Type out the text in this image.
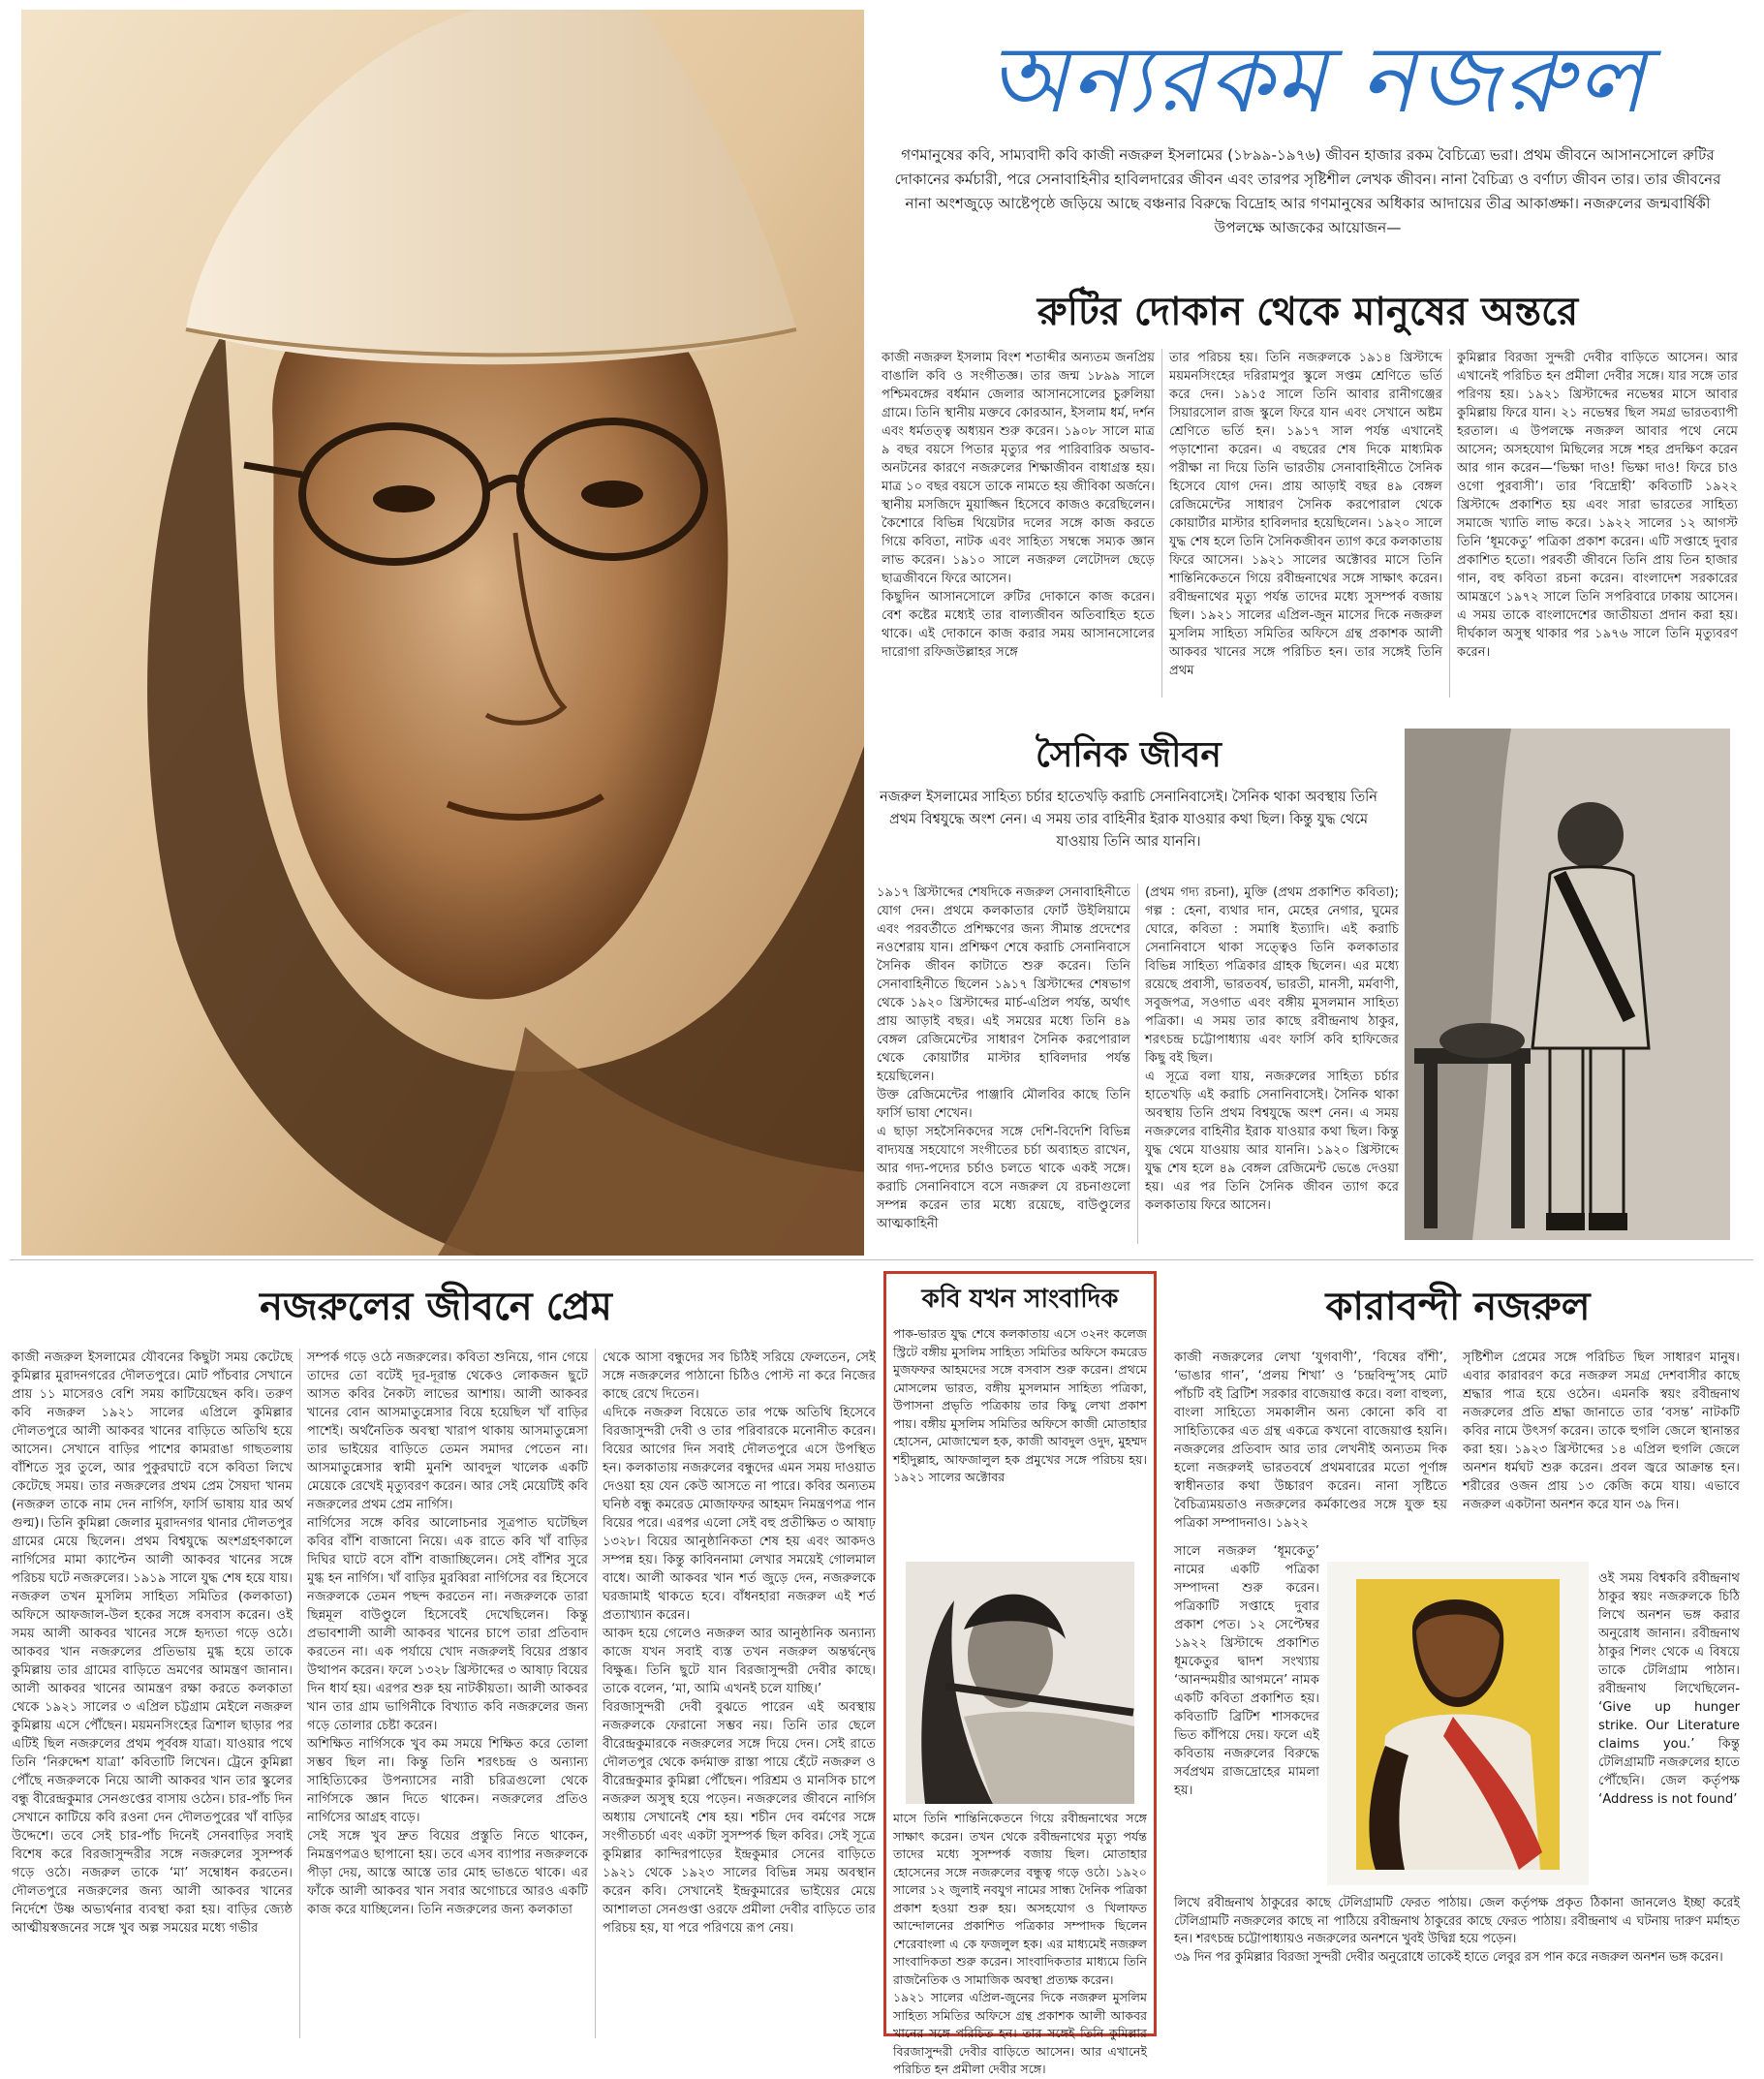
অন্যরকম নজরুল
গণমানুষের কবি, সাম্যবাদী কবি কাজী নজরুল ইসলামের (১৮৯৯-১৯৭৬) জীবন হাজার রকম বৈচিত্র্যে ভরা। প্রথম জীবনে আসানসোলে রুটির দোকানের কর্মচারী, পরে সেনাবাহিনীর হাবিলদারের জীবন এবং তারপর সৃষ্টিশীল লেখক জীবন। নানা বৈচিত্র্য ও বর্ণাঢ্য জীবন তার। তার জীবনের নানা অংশজুড়ে আষ্টেপৃষ্ঠে জড়িয়ে আছে বঞ্চনার বিরুদ্ধে বিদ্রোহ আর গণমানুষের অধিকার আদায়ের তীব্র আকাঙ্ক্ষা। নজরুলের জন্মবার্ষিকী উপলক্ষে আজকের আয়োজন—
রুটির দোকান থেকে মানুষের অন্তরে
কাজী নজরুল ইসলাম বিংশ শতাব্দীর অন্যতম জনপ্রিয় বাঙালি কবি ও সংগীতজ্ঞ। তার জন্ম ১৮৯৯ সালে পশ্চিমবঙ্গের বর্ধমান জেলার আসানসোলের চুরুলিয়া গ্রামে। তিনি স্থানীয় মক্তবে কোরআন, ইসলাম ধর্ম, দর্শন এবং ধর্মতত্ত্ব অধ্যয়ন শুরু করেন। ১৯০৮ সালে মাত্র ৯ বছর বয়সে পিতার মৃত্যুর পর পারিবারিক অভাব-অনটনের কারণে নজরুলের শিক্ষাজীবন বাধাগ্রস্ত হয়। মাত্র ১০ বছর বয়সে তাকে নামতে হয় জীবিকা অর্জনে। স্থানীয় মসজিদে মুয়াজ্জিন হিসেবে কাজও করেছিলেন। কৈশোরে বিভিন্ন থিয়েটার দলের সঙ্গে কাজ করতে গিয়ে কবিতা, নাটক এবং সাহিত্য সম্বন্ধে সম্যক জ্ঞান লাভ করেন। ১৯১০ সালে নজরুল লেটোদল ছেড়ে ছাত্রজীবনে ফিরে আসেন।
কিছুদিন আসানসোলে রুটির দোকানে কাজ করেন। বেশ কষ্টের মধ্যেই তার বাল্যজীবন অতিবাহিত হতে থাকে। এই দোকানে কাজ করার সময় আসানসোলের দারোগা রফিজউল্লাহর সঙ্গে
তার পরিচয় হয়। তিনি নজরুলকে ১৯১৪ খ্রিস্টাব্দে ময়মনসিংহের দরিরামপুর স্কুলে সপ্তম শ্রেণিতে ভর্তি করে দেন। ১৯১৫ সালে তিনি আবার রানীগঞ্জের সিয়ারসোল রাজ স্কুলে ফিরে যান এবং সেখানে অষ্টম শ্রেণিতে ভর্তি হন। ১৯১৭ সাল পর্যন্ত এখানেই পড়াশোনা করেন। এ বছরের শেষ দিকে মাধ্যমিক পরীক্ষা না দিয়ে তিনি ভারতীয় সেনাবাহিনীতে সৈনিক হিসেবে যোগ দেন। প্রায় আড়াই বছর ৪৯ বেঙ্গল রেজিমেন্টের সাধারণ সৈনিক করপোরাল থেকে কোয়ার্টার মাস্টার হাবিলদার হয়েছিলেন। ১৯২০ সালে যুদ্ধ শেষ হলে তিনি সৈনিকজীবন ত্যাগ করে কলকাতায় ফিরে আসেন। ১৯২১ সালের অক্টোবর মাসে তিনি শান্তিনিকেতনে গিয়ে রবীন্দ্রনাথের সঙ্গে সাক্ষাৎ করেন। রবীন্দ্রনাথের মৃত্যু পর্যন্ত তাদের মধ্যে সুসম্পর্ক বজায় ছিল। ১৯২১ সালের এপ্রিল-জুন মাসের দিকে নজরুল মুসলিম সাহিত্য সমিতির অফিসে গ্রন্থ প্রকাশক আলী আকবর খানের সঙ্গে পরিচিত হন। তার সঙ্গেই তিনি প্রথম
কুমিল্লার বিরজা সুন্দরী দেবীর বাড়িতে আসেন। আর এখানেই পরিচিত হন প্রমীলা দেবীর সঙ্গে। যার সঙ্গে তার পরিণয় হয়। ১৯২১ খ্রিস্টাব্দের নভেম্বর মাসে আবার কুমিল্লায় ফিরে যান। ২১ নভেম্বর ছিল সমগ্র ভারতব্যাপী হরতাল। এ উপলক্ষে নজরুল আবার পথে নেমে আসেন; অসহযোগ মিছিলের সঙ্গে শহর প্রদক্ষিণ করেন আর গান করেন—‘ভিক্ষা দাও! ভিক্ষা দাও! ফিরে চাও ওগো পুরবাসী’। তার ‘বিদ্রোহী’ কবিতাটি ১৯২২ খ্রিস্টাব্দে প্রকাশিত হয় এবং সারা ভারতের সাহিত্য সমাজে খ্যাতি লাভ করে। ১৯২২ সালের ১২ আগস্ট তিনি ‘ধূমকেতু’ পত্রিকা প্রকাশ করেন। এটি সপ্তাহে দুবার প্রকাশিত হতো। পরবর্তী জীবনে তিনি প্রায় তিন হাজার গান, বহু কবিতা রচনা করেন। বাংলাদেশ সরকারের আমন্ত্রণে ১৯৭২ সালে তিনি সপরিবারে ঢাকায় আসেন। এ সময় তাকে বাংলাদেশের জাতীয়তা প্রদান করা হয়। দীর্ঘকাল অসুস্থ থাকার পর ১৯৭৬ সালে তিনি মৃত্যুবরণ করেন।
সৈনিক জীবন
নজরুল ইসলামের সাহিত্য চর্চার হাতেখড়ি করাচি সেনানিবাসেই। সৈনিক থাকা অবস্থায় তিনি প্রথম বিশ্বযুদ্ধে অংশ নেন। এ সময় তার বাহিনীর ইরাক যাওয়ার কথা ছিল। কিন্তু যুদ্ধ থেমে যাওয়ায় তিনি আর যাননি।
১৯১৭ খ্রিস্টাব্দের শেষদিকে নজরুল সেনাবাহিনীতে যোগ দেন। প্রথমে কলকাতার ফোর্ট উইলিয়ামে এবং পরবর্তীতে প্রশিক্ষণের জন্য সীমান্ত প্রদেশের নওশেরায় যান। প্রশিক্ষণ শেষে করাচি সেনানিবাসে সৈনিক জীবন কাটাতে শুরু করেন। তিনি সেনাবাহিনীতে ছিলেন ১৯১৭ খ্রিস্টাব্দের শেষভাগ থেকে ১৯২০ খ্রিস্টাব্দের মার্চ-এপ্রিল পর্যন্ত, অর্থাৎ প্রায় আড়াই বছর। এই সময়ের মধ্যে তিনি ৪৯ বেঙ্গল রেজিমেন্টের সাধারণ সৈনিক করপোরাল থেকে কোয়ার্টার মাস্টার হাবিলদার পর্যন্ত হয়েছিলেন।
উক্ত রেজিমেন্টের পাঞ্জাবি মৌলবির কাছে তিনি ফার্সি ভাষা শেখেন।
এ ছাড়া সহসৈনিকদের সঙ্গে দেশি-বিদেশি বিভিন্ন বাদ্যযন্ত্র সহযোগে সংগীতের চর্চা অব্যাহত রাখেন, আর গদ্য-পদ্যের চর্চাও চলতে থাকে একই সঙ্গে। করাচি সেনানিবাসে বসে নজরুল যে রচনাগুলো সম্পন্ন করেন তার মধ্যে রয়েছে, বাউণ্ডুলের আত্মকাহিনী
(প্রথম গদ্য রচনা), মুক্তি (প্রথম প্রকাশিত কবিতা); গল্প : হেনা, ব্যথার দান, মেহের নেগার, ঘুমের ঘোরে, কবিতা : সমাধি ইত্যাদি। এই করাচি সেনানিবাসে থাকা সত্ত্বেও তিনি কলকাতার বিভিন্ন সাহিত্য পত্রিকার গ্রাহক ছিলেন। এর মধ্যে রয়েছে প্রবাসী, ভারতবর্ষ, ভারতী, মানসী, মর্মবাণী, সবুজপত্র, সওগাত এবং বঙ্গীয় মুসলমান সাহিত্য পত্রিকা। এ সময় তার কাছে রবীন্দ্রনাথ ঠাকুর, শরৎচন্দ্র চট্টোপাধ্যায় এবং ফার্সি কবি হাফিজের কিছু বই ছিল।
এ সূত্রে বলা যায়, নজরুলের সাহিত্য চর্চার হাতেখড়ি এই করাচি সেনানিবাসেই। সৈনিক থাকা অবস্থায় তিনি প্রথম বিশ্বযুদ্ধে অংশ নেন। এ সময় নজরুলের বাহিনীর ইরাক যাওয়ার কথা ছিল। কিন্তু যুদ্ধ থেমে যাওয়ায় আর যাননি। ১৯২০ খ্রিস্টাব্দে যুদ্ধ শেষ হলে ৪৯ বেঙ্গল রেজিমেন্ট ভেঙে দেওয়া হয়। এর পর তিনি সৈনিক জীবন ত্যাগ করে কলকাতায় ফিরে আসেন।
নজরুলের জীবনে প্রেম
কাজী নজরুল ইসলামের যৌবনের কিছুটা সময় কেটেছে কুমিল্লার মুরাদনগরের দৌলতপুরে। মোট পাঁচবার সেখানে প্রায় ১১ মাসেরও বেশি সময় কাটিয়েছেন কবি। তরুণ কবি নজরুল ১৯২১ সালের এপ্রিলে কুমিল্লার দৌলতপুরে আলী আকবর খানের বাড়িতে অতিথি হয়ে আসেন। সেখানে বাড়ির পাশের কামরাঙা গাছতলায় বাঁশিতে সুর তুলে, আর পুকুরঘাটে বসে কবিতা লিখে কেটেছে সময়। তার নজরুলের প্রথম প্রেম সৈয়দা খানম (নজরুল তাকে নাম দেন নার্গিস, ফার্সি ভাষায় যার অর্থ গুল্ম)। তিনি কুমিল্লা জেলার মুরাদনগর থানার দৌলতপুর গ্রামের মেয়ে ছিলেন। প্রথম বিশ্বযুদ্ধে অংশগ্রহণকালে নার্গিসের মামা ক্যাপ্টেন আলী আকবর খানের সঙ্গে পরিচয় ঘটে নজরুলের। ১৯১৯ সালে যুদ্ধ শেষ হয়ে যায়। নজরুল তখন মুসলিম সাহিত্য সমিতির (কলকাতা) অফিসে আফজাল-উল হকের সঙ্গে বসবাস করেন। ওই সময় আলী আকবর খানের সঙ্গে হৃদ্যতা গড়ে ওঠে। আকবর খান নজরুলের প্রতিভায় মুগ্ধ হয়ে তাকে কুমিল্লায় তার গ্রামের বাড়িতে ভ্রমণের আমন্ত্রণ জানান। আলী আকবর খানের আমন্ত্রণ রক্ষা করতে কলকাতা থেকে ১৯২১ সালের ৩ এপ্রিল চট্টগ্রাম মেইলে নজরুল কুমিল্লায় এসে পৌঁছেন। ময়মনসিংহের ত্রিশাল ছাড়ার পর এটিই ছিল নজরুলের প্রথম পূর্ববঙ্গ যাত্রা। যাওয়ার পথে তিনি ‘নিরুদ্দেশ যাত্রা’ কবিতাটি লিখেন। ট্রেনে কুমিল্লা পৌঁছে নজরুলকে নিয়ে আলী আকবর খান তার স্কুলের বন্ধু বীরেন্দ্রকুমার সেনগুপ্তের বাসায় ওঠেন। চার-পাঁচ দিন সেখানে কাটিয়ে কবি রওনা দেন দৌলতপুরের খাঁ বাড়ির উদ্দেশে। তবে সেই চার-পাঁচ দিনেই সেনবাড়ির সবাই বিশেষ করে বিরজাসুন্দরীর সঙ্গে নজরুলের সুসম্পর্ক গড়ে ওঠে। নজরুল তাকে ‘মা’ সম্বোধন করতেন। দৌলতপুরে নজরুলের জন্য আলী আকবর খানের নির্দেশে উষ্ণ অভ্যর্থনার ব্যবস্থা করা হয়। বাড়ির জ্যেষ্ঠ আত্মীয়স্বজনের সঙ্গে খুব অল্প সময়ের মধ্যে গভীর
সম্পর্ক গড়ে ওঠে নজরুলের। কবিতা শুনিয়ে, গান গেয়ে তাদের তো বটেই দূর-দূরান্ত থেকেও লোকজন ছুটে আসত কবির নৈকট্য লাভের আশায়। আলী আকবর খানের বোন আসমাতুন্নেসার বিয়ে হয়েছিল খাঁ বাড়ির পাশেই। অর্থনৈতিক অবস্থা খারাপ থাকায় আসমাতুন্নেসা তার ভাইয়ের বাড়িতে তেমন সমাদর পেতেন না। আসমাতুন্নেসার স্বামী মুনশি আবদুল খালেক একটি মেয়েকে রেখেই মৃত্যুবরণ করেন। আর সেই মেয়েটিই কবি নজরুলের প্রথম প্রেম নার্গিস।
নার্গিসের সঙ্গে কবির আলোচনার সূত্রপাত ঘটেছিল কবির বাঁশি বাজানো নিয়ে। এক রাতে কবি খাঁ বাড়ির দিঘির ঘাটে বসে বাঁশি বাজাচ্ছিলেন। সেই বাঁশির সুরে মুগ্ধ হন নার্গিস। খাঁ বাড়ির মুরব্বিরা নার্গিসের বর হিসেবে নজরুলকে তেমন পছন্দ করতেন না। নজরুলকে তারা ছিন্নমূল বাউণ্ডুলে হিসেবেই দেখেছিলেন। কিন্তু প্রভাবশালী আলী আকবর খানের চাপে তারা প্রতিবাদ করতেন না। এক পর্যায়ে খোদ নজরুলই বিয়ের প্রস্তাব উত্থাপন করেন। ফলে ১৩২৮ খ্রিস্টাব্দের ৩ আষাঢ় বিয়ের দিন ধার্য হয়। এরপর শুরু হয় নাটকীয়তা। আলী আকবর খান তার গ্রাম ভাগিনীকে বিখ্যাত কবি নজরুলের জন্য গড়ে তোলার চেষ্টা করেন।
অশিক্ষিত নার্গিসকে খুব কম সময়ে শিক্ষিত করে তোলা সম্ভব ছিল না। কিন্তু তিনি শরৎচন্দ্র ও অন্যান্য সাহিত্যিকের উপন্যাসের নারী চরিত্রগুলো থেকে নার্গিসকে জ্ঞান দিতে থাকেন। নজরুলের প্রতিও নার্গিসের আগ্রহ বাড়ে।
সেই সঙ্গে খুব দ্রুত বিয়ের প্রস্তুতি নিতে থাকেন, নিমন্ত্রণপত্রও ছাপানো হয়। তবে এসব ব্যাপার নজরুলকে পীড়া দেয়, আস্তে আস্তে তার মোহ ভাঙতে থাকে। এর ফাঁকে আলী আকবর খান সবার অগোচরে আরও একটি কাজ করে যাচ্ছিলেন। তিনি নজরুলের জন্য কলকাতা
থেকে আসা বন্ধুদের সব চিঠিই সরিয়ে ফেলতেন, সেই সঙ্গে নজরুলের পাঠানো চিঠিও পোস্ট না করে নিজের কাছে রেখে দিতেন।
এদিকে নজরুল বিয়েতে তার পক্ষে অতিথি হিসেবে বিরজাসুন্দরী দেবী ও তার পরিবারকে মনোনীত করেন। বিয়ের আগের দিন সবাই দৌলতপুরে এসে উপস্থিত হন। কলকাতায় নজরুলের বন্ধুদের এমন সময় দাওয়াত দেওয়া হয় যেন কেউ আসতে না পারে। কবির অন্যতম ঘনিষ্ঠ বন্ধু কমরেড মোজাফফর আহমদ নিমন্ত্রণপত্র পান বিয়ের পরে। এরপর এলো সেই বহু প্রতীক্ষিত ৩ আষাঢ় ১৩২৮। বিয়ের আনুষ্ঠানিকতা শেষ হয় এবং আকদও সম্পন্ন হয়। কিন্তু কাবিননামা লেখার সময়েই গোলমাল বাধে। আলী আকবর খান শর্ত জুড়ে দেন, নজরুলকে ঘরজামাই থাকতে হবে। বাঁধনহারা নজরুল এই শর্ত প্রত্যাখ্যান করেন।
আকদ হয়ে গেলেও নজরুল আর আনুষ্ঠানিক অন্যান্য কাজে যখন সবাই ব্যস্ত তখন নজরুল অন্তর্দ্বন্দ্বে বিক্ষুব্ধ। তিনি ছুটে যান বিরজাসুন্দরী দেবীর কাছে। তাকে বলেন, ‘মা, আমি এখনই চলে যাচ্ছি।’
বিরজাসুন্দরী দেবী বুঝতে পারেন এই অবস্থায় নজরুলকে ফেরানো সম্ভব নয়। তিনি তার ছেলে বীরেন্দ্রকুমারকে নজরুলের সঙ্গে দিয়ে দেন। সেই রাতে দৌলতপুর থেকে কর্দমাক্ত রাস্তা পায়ে হেঁটে নজরুল ও বীরেন্দ্রকুমার কুমিল্লা পৌঁছেন। পরিশ্রম ও মানসিক চাপে নজরুল অসুস্থ হয়ে পড়েন। নজরুলের জীবনে নার্গিস অধ্যায় সেখানেই শেষ হয়। শচীন দেব বর্মণের সঙ্গে সংগীতচর্চা এবং একটা সুসম্পর্ক ছিল কবির। সেই সূত্রে কুমিল্লার কান্দিরপাড়ের ইন্দ্রকুমার সেনের বাড়িতে ১৯২১ থেকে ১৯২৩ সালের বিভিন্ন সময় অবস্থান করেন কবি। সেখানেই ইন্দ্রকুমারের ভাইয়ের মেয়ে আশালতা সেনগুপ্তা ওরফে প্রমীলা দেবীর বাড়িতে তার পরিচয় হয়, যা পরে পরিণয়ে রূপ নেয়।
কবি যখন সাংবাদিক
পাক-ভারত যুদ্ধ শেষে কলকাতায় এসে ৩২নং কলেজ স্ট্রিটে বঙ্গীয় মুসলিম সাহিত্য সমিতির অফিসে কমরেড মুজফফর আহমদের সঙ্গে বসবাস শুরু করেন। প্রথমে মোসলেম ভারত, বঙ্গীয় মুসলমান সাহিত্য পত্রিকা, উপাসনা প্রভৃতি পত্রিকায় তার কিছু লেখা প্রকাশ পায়। বঙ্গীয় মুসলিম সমিতির অফিসে কাজী মোতাহার হোসেন, মোজাম্মেল হক, কাজী আবদুল ওদুদ, মুহম্মদ শহীদুল্লাহ, আফজালুল হক প্রমুখের সঙ্গে পরিচয় হয়। ১৯২১ সালের অক্টোবর
মাসে তিনি শান্তিনিকেতনে গিয়ে রবীন্দ্রনাথের সঙ্গে সাক্ষাৎ করেন। তখন থেকে রবীন্দ্রনাথের মৃত্যু পর্যন্ত তাদের মধ্যে সুসম্পর্ক বজায় ছিল। মোতাহার হোসেনের সঙ্গে নজরুলের বন্ধুত্ব গড়ে ওঠে। ১৯২০ সালের ১২ জুলাই নবযুগ নামের সান্ধ্য দৈনিক পত্রিকা প্রকাশ হওয়া শুরু হয়। অসহযোগ ও খিলাফত আন্দোলনের প্রকাশিত পত্রিকার সম্পাদক ছিলেন শেরেবাংলা এ কে ফজলুল হক। এর মাধ্যমেই নজরুল সাংবাদিকতা শুরু করেন। সাংবাদিকতার মাধ্যমে তিনি রাজনৈতিক ও সামাজিক অবস্থা প্রত্যক্ষ করেন।
১৯২১ সালের এপ্রিল-জুনের দিকে নজরুল মুসলিম সাহিত্য সমিতির অফিসে গ্রন্থ প্রকাশক আলী আকবর খানের সঙ্গে পরিচিত হন। তার সঙ্গেই তিনি কুমিল্লার বিরজাসুন্দরী দেবীর বাড়িতে আসেন। আর এখানেই পরিচিত হন প্রমীলা দেবীর সঙ্গে।
কারাবন্দী নজরুল
কাজী নজরুলের লেখা ‘যুগবাণী’, ‘বিষের বাঁশী’, ‘ভাঙার গান’, ‘প্রলয় শিখা’ ও ‘চন্দ্রবিন্দু’সহ মোট পাঁচটি বই ব্রিটিশ সরকার বাজেয়াপ্ত করে। বলা বাহুল্য, বাংলা সাহিত্যে সমকালীন অন্য কোনো কবি বা সাহিত্যিকের এত গ্রন্থ একত্রে কখনো বাজেয়াপ্ত হয়নি। নজরুলের প্রতিবাদ আর তার লেখনীই অন্যতম দিক হলো নজরুলই ভারতবর্ষে প্রথমবারের মতো পূর্ণাঙ্গ স্বাধীনতার কথা উচ্চারণ করেন। নানা সৃষ্টিতে বৈচিত্র্যময়তাও নজরুলের কর্মকাণ্ডের সঙ্গে যুক্ত হয় পত্রিকা সম্পাদনাও। ১৯২২
সালে নজরুল ‘ধূমকেতু’ নামের একটি পত্রিকা সম্পাদনা শুরু করেন। পত্রিকাটি সপ্তাহে দুবার প্রকাশ পেত। ১২ সেপ্টেম্বর ১৯২২ খ্রিস্টাব্দে প্রকাশিত ধূমকেতুর দ্বাদশ সংখ্যায় ‘আনন্দময়ীর আগমনে’ নামক একটি কবিতা প্রকাশিত হয়। কবিতাটি ব্রিটিশ শাসকদের ভিত কাঁপিয়ে দেয়। ফলে এই কবিতায় নজরুলের বিরুদ্ধে সর্বপ্রথম রাজদ্রোহের মামলা হয়।
সৃষ্টিশীল প্রেমের সঙ্গে পরিচিত ছিল সাধারণ মানুষ। এবার কারাবরণ করে নজরুল সমগ্র দেশবাসীর কাছে শ্রদ্ধার পাত্র হয়ে ওঠেন। এমনকি স্বয়ং রবীন্দ্রনাথ নজরুলের প্রতি শ্রদ্ধা জানাতে তার ‘বসন্ত’ নাটকটি কবির নামে উৎসর্গ করেন। তাকে হুগলি জেলে স্থানান্তর করা হয়। ১৯২৩ খ্রিস্টাব্দের ১৪ এপ্রিল হুগলি জেলে অনশন ধর্মঘট শুরু করেন। প্রবল জ্বরে আক্রান্ত হন। শরীরের ওজন প্রায় ১৩ কেজি কমে যায়। এভাবে নজরুল একটানা অনশন করে যান ৩৯ দিন।
ওই সময় বিশ্বকবি রবীন্দ্রনাথ ঠাকুর স্বয়ং নজরুলকে চিঠি লিখে অনশন ভঙ্গ করার অনুরোধ জানান। রবীন্দ্রনাথ ঠাকুর শিলং থেকে এ বিষয়ে তাকে টেলিগ্রাম পাঠান। রবীন্দ্রনাথ লিখেছিলেন- ‘Give up hunger strike. Our Literature claims you.’ কিন্তু টেলিগ্রামটি নজরুলের হাতে পৌঁছেনি। জেল কর্তৃপক্ষ ‘Address is not found’
লিখে রবীন্দ্রনাথ ঠাকুরের কাছে টেলিগ্রামটি ফেরত পাঠায়। জেল কর্তৃপক্ষ প্রকৃত ঠিকানা জানলেও ইচ্ছা করেই টেলিগ্রামটি নজরুলের কাছে না পাঠিয়ে রবীন্দ্রনাথ ঠাকুরের কাছে ফেরত পাঠায়। রবীন্দ্রনাথ এ ঘটনায় দারুণ মর্মাহত হন। শরৎচন্দ্র চট্টোপাধ্যায়ও নজরুলের অনশনে খুবই উদ্বিগ্ন হয়ে পড়েন।
৩৯ দিন পর কুমিল্লার বিরজা সুন্দরী দেবীর অনুরোধে তাকেই হাতে লেবুর রস পান করে নজরুল অনশন ভঙ্গ করেন।
